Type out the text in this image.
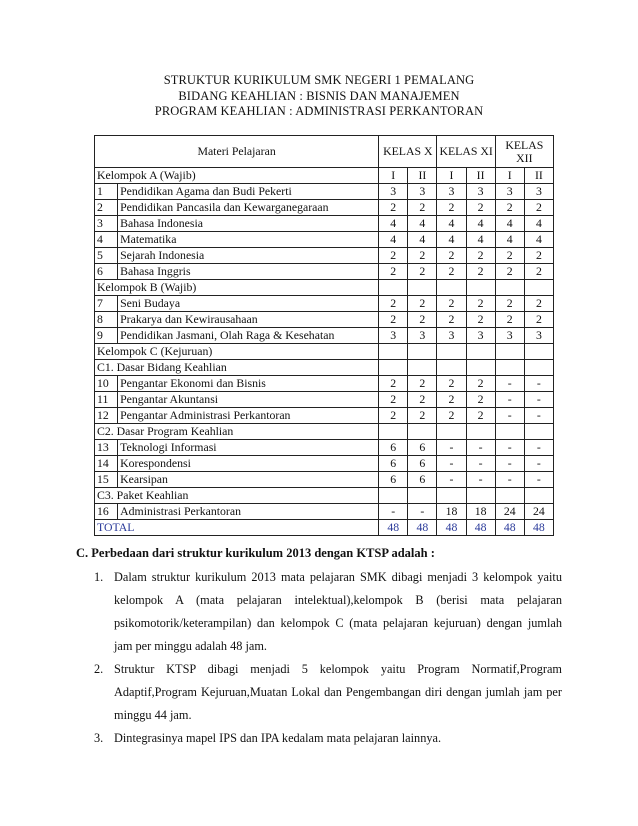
STRUKTUR KURIKULUM SMK NEGERI 1 PEMALANG
BIDANG KEAHLIAN : BISNIS DAN MANAJEMEN
PROGRAM KEAHLIAN : ADMINISTRASI PERKANTORAN
Materi Pelajaran		KELAS X		KELAS XI		KELAS XII	
Kelompok A (Wajib)		I	II	I	II	I	II
1	Pendidikan Agama dan Budi Pekerti	3	3	3	3	3	3
2	Pendidikan Pancasila dan Kewarganegaraan	2	2	2	2	2	2
3	Bahasa Indonesia	4	4	4	4	4	4
4	Matematika	4	4	4	4	4	4
5	Sejarah Indonesia	2	2	2	2	2	2
6	Bahasa Inggris	2	2	2	2	2	2
Kelompok B (Wajib)							
7	Seni Budaya	2	2	2	2	2	2
8	Prakarya dan Kewirausahaan	2	2	2	2	2	2
9	Pendidikan Jasmani, Olah Raga & Kesehatan	3	3	3	3	3	3
Kelompok C (Kejuruan)							
C1. Dasar Bidang Keahlian							
10	Pengantar Ekonomi dan Bisnis	2	2	2	2	-	-
11	Pengantar Akuntansi	2	2	2	2	-	-
12	Pengantar Administrasi Perkantoran	2	2	2	2	-	-
C2. Dasar Program Keahlian							
13	Teknologi Informasi	6	6	-	-	-	-
14	Korespondensi	6	6	-	-	-	-
15	Kearsipan	6	6	-	-	-	-
C3. Paket Keahlian							
16	Administrasi Perkantoran	-	-	18	18	24	24
TOTAL		48	48	48	48	48	48
C. Perbedaan dari struktur kurikulum 2013 dengan KTSP adalah :
1. Dalam struktur kurikulum 2013 mata pelajaran SMK dibagi menjadi 3 kelompok yaitu kelompok A (mata pelajaran intelektual),kelompok B (berisi mata pelajaran psikomotorik/keterampilan) dan kelompok C (mata pelajaran kejuruan) dengan jumlah jam per minggu adalah 48 jam.
2. Struktur KTSP dibagi menjadi 5 kelompok yaitu Program Normatif,Program Adaptif,Program Kejuruan,Muatan Lokal dan Pengembangan diri dengan jumlah jam per minggu 44 jam.
3. Dintegrasinya mapel IPS dan IPA kedalam mata pelajaran lainnya.
